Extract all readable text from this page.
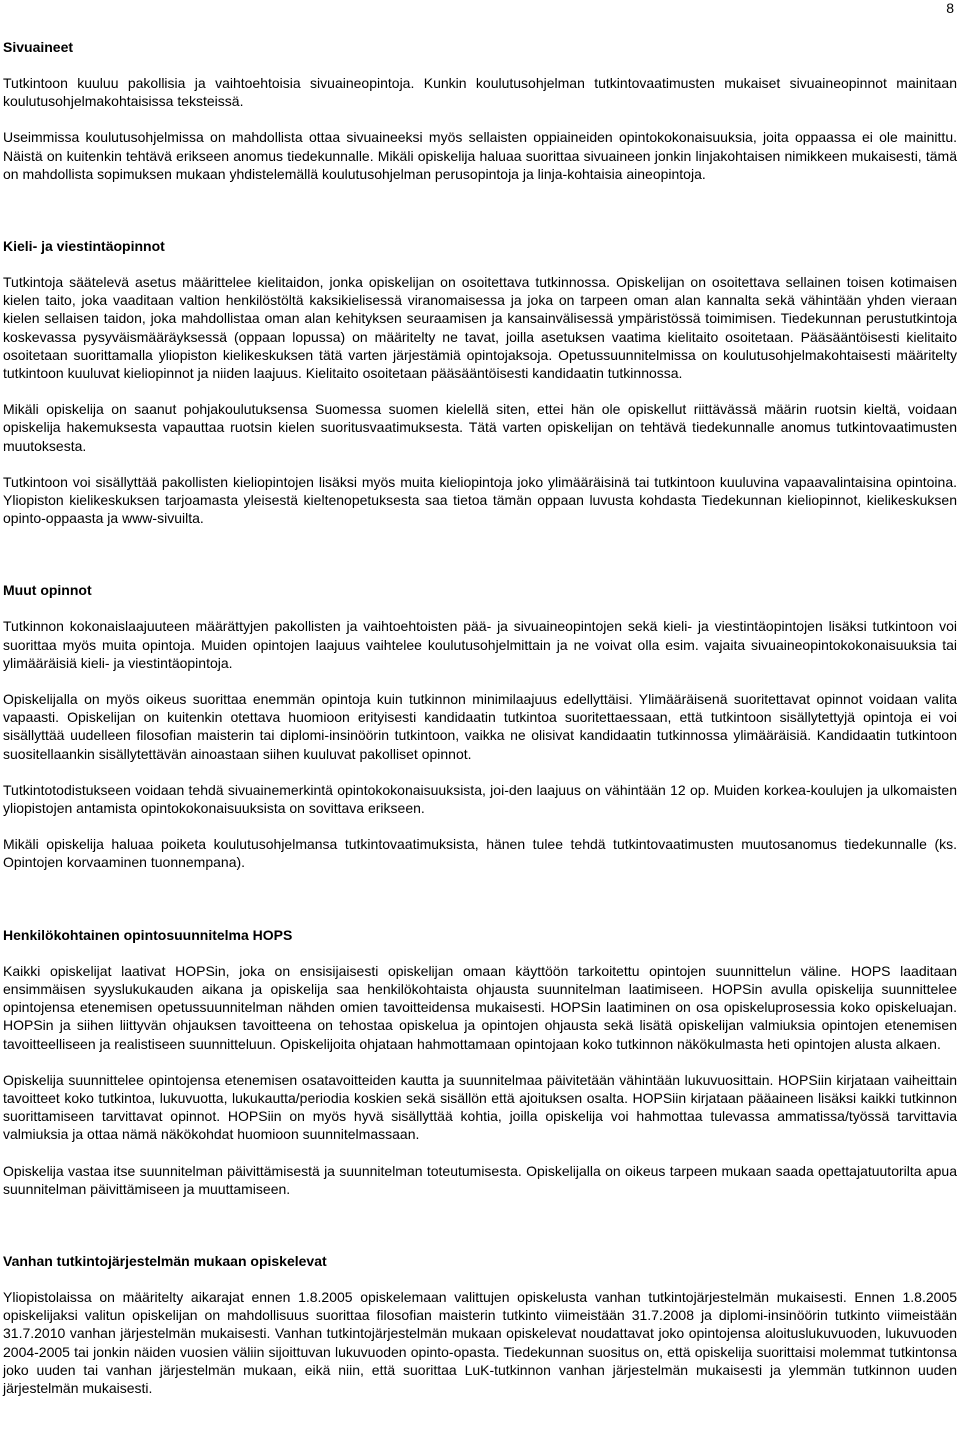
8
Sivuaineet

Tutkintoon kuuluu pakollisia ja vaihtoehtoisia sivuaineopintoja. Kunkin koulutusohjelman tutkintovaatimusten mukaiset sivuaineopinnot mainitaan koulutusohjelmakohtaisissa teksteissä.

Useimmissa koulutusohjelmissa on mahdollista ottaa sivuaineeksi myös sellaisten oppiaineiden opintokokonaisuuksia, joita oppaassa ei ole mainittu. Näistä on kuitenkin tehtävä erikseen anomus tiedekunnalle. Mikäli opiskelija haluaa suorittaa sivuaineen jonkin linjakohtaisen nimikkeen mukaisesti, tämä on mahdollista sopimuksen mukaan yhdistelemällä koulutusohjelman perusopintoja ja linja-kohtaisia aineopintoja.

Kieli- ja viestintäopinnot

Tutkintoja säätelevä asetus määrittelee kielitaidon, jonka opiskelijan on osoitettava tutkinnossa. Opiskelijan on osoitettava sellainen toisen kotimaisen kielen taito, joka vaaditaan valtion henkilöstöltä kaksikielisessä viranomaisessa ja joka on tarpeen oman alan kannalta sekä vähintään yhden vieraan kielen sellaisen taidon, joka mahdollistaa oman alan kehityksen seuraamisen ja kansainvälisessä ympäristössä toimimisen. Tiedekunnan perustutkintoja koskevassa pysyväismääräyksessä (oppaan lopussa) on määritelty ne tavat, joilla asetuksen vaatima kielitaito osoitetaan. Pääsääntöisesti kielitaito osoitetaan suorittamalla yliopiston kielikeskuksen tätä varten järjestämiä opintojaksoja. Opetussuunnitelmissa on koulutusohjelmakohtaisesti määritelty tutkintoon kuuluvat kieliopinnot ja niiden laajuus. Kielitaito osoitetaan pääsääntöisesti kandidaatin tutkinnossa.

Mikäli opiskelija on saanut pohjakoulutuksensa Suomessa suomen kielellä siten, ettei hän ole opiskellut riittävässä määrin ruotsin kieltä, voidaan opiskelija hakemuksesta vapauttaa ruotsin kielen suoritusvaatimuksesta. Tätä varten opiskelijan on tehtävä tiedekunnalle anomus tutkintovaatimusten muutoksesta.

Tutkintoon voi sisällyttää pakollisten kieliopintojen lisäksi myös muita kieliopintoja joko ylimääräisinä tai tutkintoon kuuluvina vapaavalintaisina opintoina. Yliopiston kielikeskuksen tarjoamasta yleisestä kieltenopetuksesta saa tietoa tämän oppaan luvusta kohdasta Tiedekunnan kieliopinnot, kielikeskuksen opinto-oppaasta ja www-sivuilta.

Muut opinnot

Tutkinnon kokonaislaajuuteen määrättyjen pakollisten ja vaihtoehtoisten pää- ja sivuaineopintojen sekä kieli- ja viestintäopintojen lisäksi tutkintoon voi suorittaa myös muita opintoja. Muiden opintojen laajuus vaihtelee koulutusohjelmittain ja ne voivat olla esim. vajaita sivuaineopintokokonaisuuksia tai ylimääräisiä kieli- ja viestintäopintoja.

Opiskelijalla on myös oikeus suorittaa enemmän opintoja kuin tutkinnon minimilaajuus edellyttäisi. Ylimääräisenä suoritettavat opinnot voidaan valita vapaasti. Opiskelijan on kuitenkin otettava huomioon erityisesti kandidaatin tutkintoa suoritettaessaan, että tutkintoon sisällytettyjä opintoja ei voi sisällyttää uudelleen filosofian maisterin tai diplomi-insinöörin tutkintoon, vaikka ne olisivat kandidaatin tutkinnossa ylimääräisiä. Kandidaatin tutkintoon suositellaankin sisällytettävän ainoastaan siihen kuuluvat pakolliset opinnot.

Tutkintotodistukseen voidaan tehdä sivuainemerkintä opintokokonaisuuksista, joi-den laajuus on vähintään 12 op. Muiden korkea-koulujen ja ulkomaisten yliopistojen antamista opintokokonaisuuksista on sovittava erikseen.

Mikäli opiskelija haluaa poiketa koulutusohjelmansa tutkintovaatimuksista, hänen tulee tehdä tutkintovaatimusten muutosanomus tiedekunnalle (ks. Opintojen korvaaminen tuonnempana).

Henkilökohtainen opintosuunnitelma HOPS

Kaikki opiskelijat laativat HOPSin, joka on ensisijaisesti opiskelijan omaan käyttöön tarkoitettu opintojen suunnittelun väline. HOPS laaditaan ensimmäisen syyslukukauden aikana ja opiskelija saa henkilökohtaista ohjausta suunnitelman laatimiseen. HOPSin avulla opiskelija suunnittelee opintojensa etenemisen opetussuunnitelman nähden omien tavoitteidensa mukaisesti. HOPSin laatiminen on osa opiskeluprosessia koko opiskeluajan. HOPSin ja siihen liittyvän ohjauksen tavoitteena on tehostaa opiskelua ja opintojen ohjausta sekä lisätä opiskelijan valmiuksia opintojen etenemisen tavoitteelliseen ja realistiseen suunnitteluun. Opiskelijoita ohjataan hahmottamaan opintojaan koko tutkinnon näkökulmasta heti opintojen alusta alkaen.

Opiskelija suunnittelee opintojensa etenemisen osatavoitteiden kautta ja suunnitelmaa päivitetään vähintään lukuvuosittain. HOPSiin kirjataan vaiheittain tavoitteet koko tutkintoa, lukuvuotta, lukukautta/periodia koskien sekä sisällön että ajoituksen osalta. HOPSiin kirjataan pääaineen lisäksi kaikki tutkinnon suorittamiseen tarvittavat opinnot. HOPSiin on myös hyvä sisällyttää kohtia, joilla opiskelija voi hahmottaa tulevassa ammatissa/työssä tarvittavia valmiuksia ja ottaa nämä näkökohdat huomioon suunnitelmassaan.

Opiskelija vastaa itse suunnitelman päivittämisestä ja suunnitelman toteutumisesta. Opiskelijalla on oikeus tarpeen mukaan saada opettajatuutorilta apua suunnitelman päivittämiseen ja muuttamiseen.

Vanhan tutkintojärjestelmän mukaan opiskelevat

Yliopistolaissa on määritelty aikarajat ennen 1.8.2005 opiskelemaan valittujen opiskelusta vanhan tutkintojärjestelmän mukaisesti. Ennen 1.8.2005 opiskelijaksi valitun opiskelijan on mahdollisuus suorittaa filosofian maisterin tutkinto viimeistään 31.7.2008 ja diplomi-insinöörin tutkinto viimeistään 31.7.2010 vanhan järjestelmän mukaisesti. Vanhan tutkintojärjestelmän mukaan opiskelevat noudattavat joko opintojensa aloituslukuvuoden, lukuvuoden 2004-2005 tai jonkin näiden vuosien väliin sijoittuvan lukuvuoden opinto-opasta. Tiedekunnan suositus on, että opiskelija suorittaisi molemmat tutkintonsa joko uuden tai vanhan järjestelmän mukaan, eikä niin, että suorittaa LuK-tutkinnon vanhan järjestelmän mukaisesti ja ylemmän tutkinnon uuden järjestelmän mukaisesti.
